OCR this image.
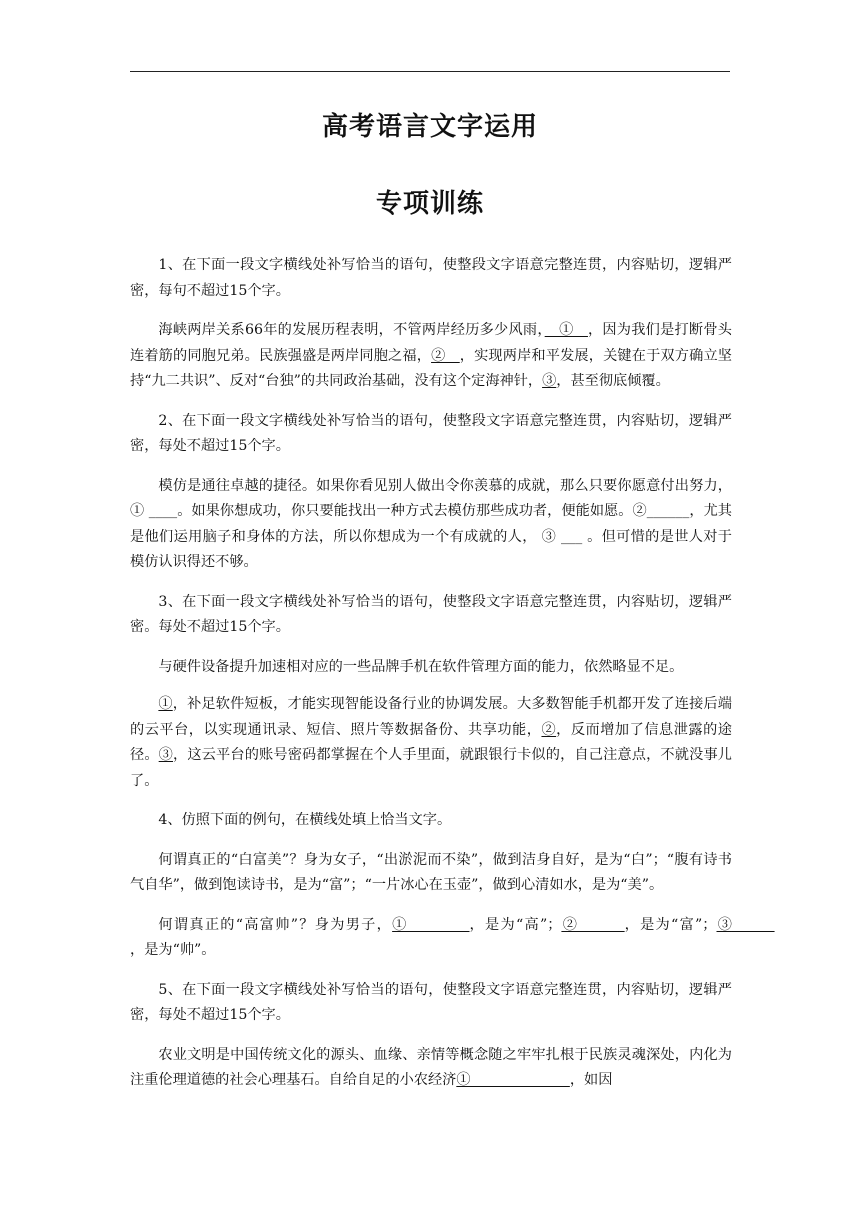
高考语言文字运用
专项训练

1、在下面一段文字横线处补写恰当的语句，使整段文字语意完整连贯，内容贴切，逻辑严密，每句不超过15个字。

海峡两岸关系66年的发展历程表明，不管两岸经历多少风雨，　①　，因为我们是打断骨头连着筋的同胞兄弟。民族强盛是两岸同胞之福，②　，实现两岸和平发展，关键在于双方确立坚持“九二共识”、反对“台独”的共同政治基础，没有这个定海神针，③，甚至彻底倾覆。

2、在下面一段文字横线处补写恰当的语句，使整段文字语意完整连贯，内容贴切，逻辑严密，每处不超过15个字。

模仿是通往卓越的捷径。如果你看见别人做出令你羡慕的成就，那么只要你愿意付出努力， ① ____。如果你想成功，你只要能找出一种方式去模仿那些成功者，便能如愿。②______，尤其是他们运用脑子和身体的方法，所以你想成为一个有成就的人， ③ ___ 。但可惜的是世人对于模仿认识得还不够。

3、在下面一段文字横线处补写恰当的语句，使整段文字语意完整连贯，内容贴切，逻辑严密。每处不超过15个字。

与硬件设备提升加速相对应的一些品牌手机在软件管理方面的能力，依然略显不足。

①，补足软件短板，才能实现智能设备行业的协调发展。大多数智能手机都开发了连接后端的云平台，以实现通讯录、短信、照片等数据备份、共享功能，②，反而增加了信息泄露的途径。③，这云平台的账号密码都掌握在个人手里面，就跟银行卡似的，自己注意点，不就没事儿了。

4、仿照下面的例句，在横线处填上恰当文字。

何谓真正的“白富美”？身为女子，“出淤泥而不染”，做到洁身自好，是为“白”；“腹有诗书气自华”，做到饱读诗书，是为“富”；“一片冰心在玉壶”，做到心清如水，是为“美”。

何谓真正的“高富帅”？身为男子，①　　　　，是为“高”；②　　　，是为“富”；③　　　，是为“帅”。

5、在下面一段文字横线处补写恰当的语句，使整段文字语意完整连贯，内容贴切，逻辑严密，每处不超过15个字。

农业文明是中国传统文化的源头、血缘、亲情等概念随之牢牢扎根于民族灵魂深处，内化为注重伦理道德的社会心理基石。自给自足的小农经济①　　　　　　　，如因
